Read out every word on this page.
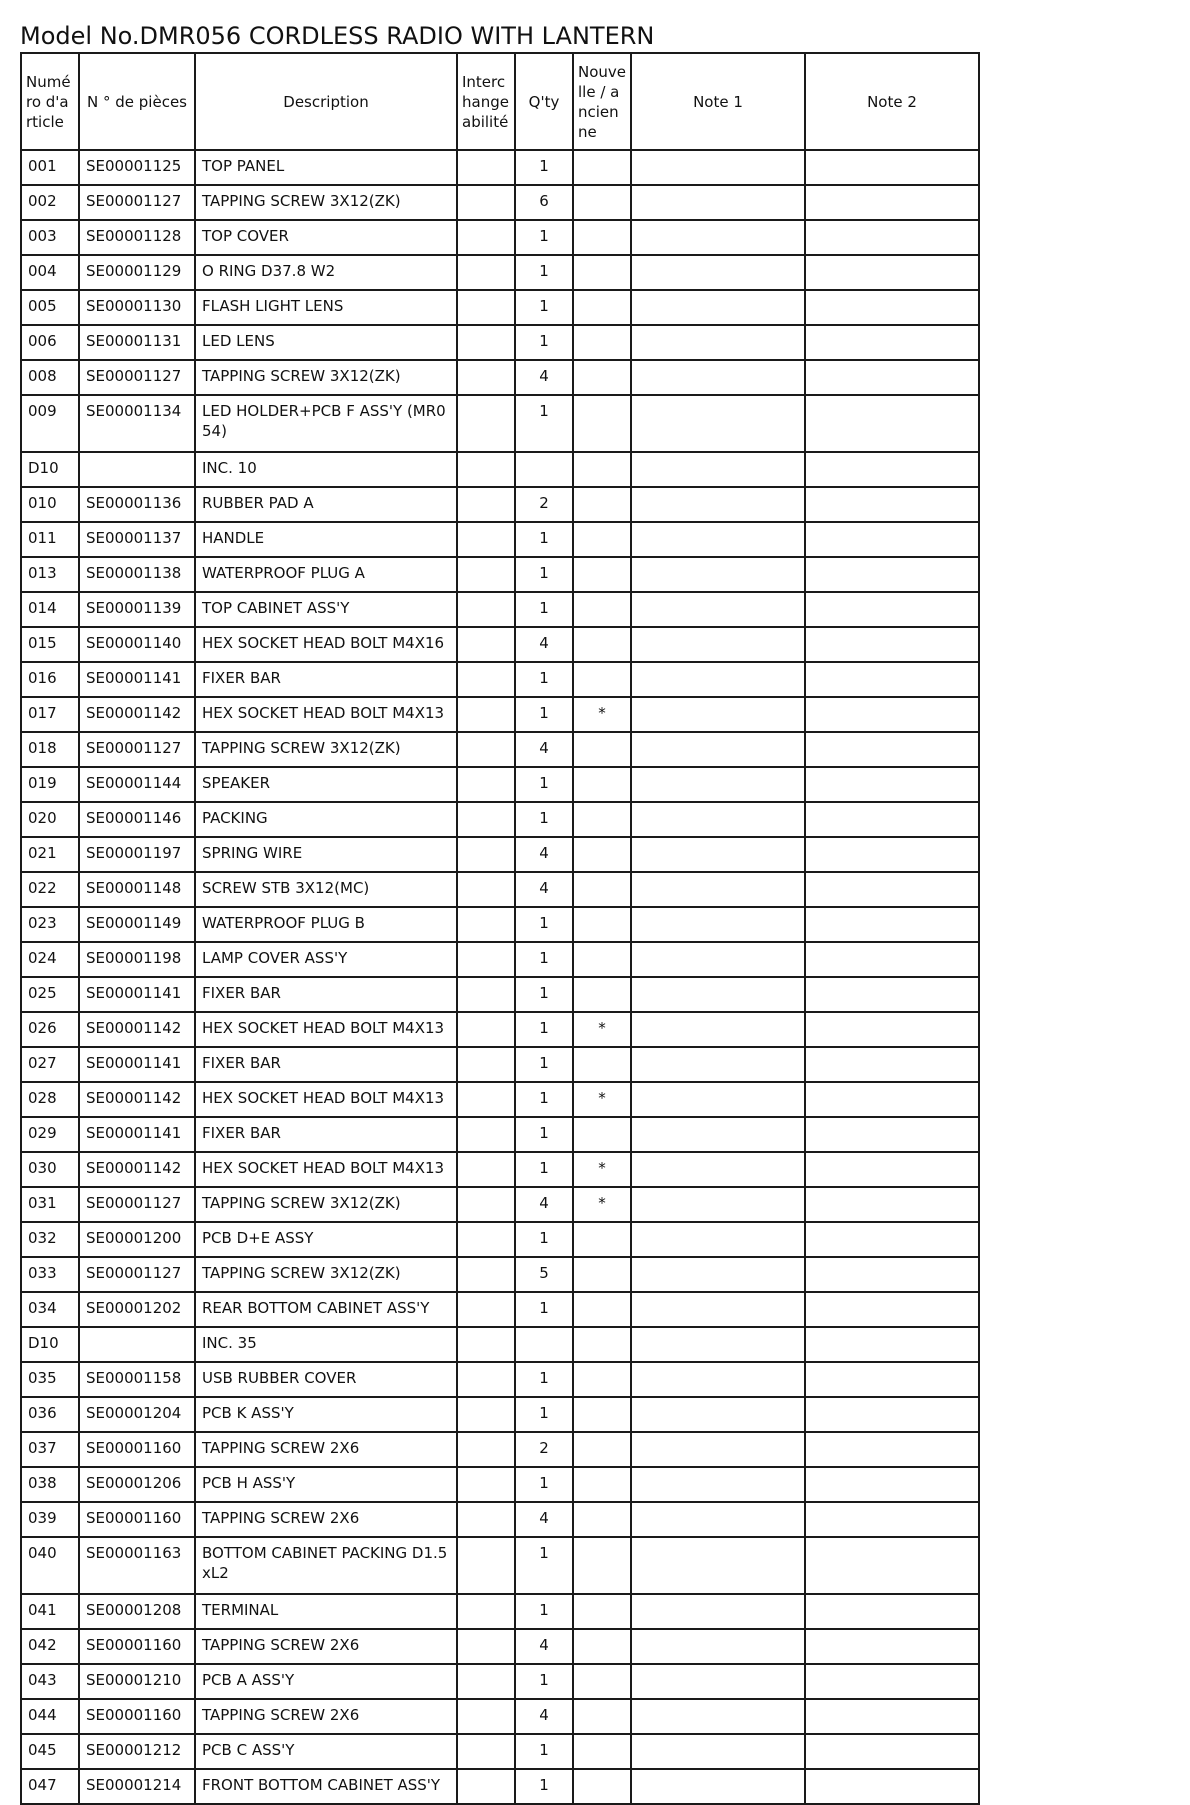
Model No.DMR056 CORDLESS RADIO WITH LANTERN
Numéro d'article	N ° de pièces	Description	Interchangeabilité	Q'ty	Nouvelle / ancienne	Note 1	Note 2
001	SE00001125	TOP PANEL		1			
002	SE00001127	TAPPING SCREW 3X12(ZK)		6			
003	SE00001128	TOP COVER		1			
004	SE00001129	O RING D37.8 W2		1			
005	SE00001130	FLASH LIGHT LENS		1			
006	SE00001131	LED LENS		1			
008	SE00001127	TAPPING SCREW 3X12(ZK)		4			
009	SE00001134	LED HOLDER+PCB F ASS'Y (MR054)		1			
D10		INC. 10					
010	SE00001136	RUBBER PAD A		2			
011	SE00001137	HANDLE		1			
013	SE00001138	WATERPROOF PLUG A		1			
014	SE00001139	TOP CABINET ASS'Y		1			
015	SE00001140	HEX SOCKET HEAD BOLT M4X16		4			
016	SE00001141	FIXER BAR		1			
017	SE00001142	HEX SOCKET HEAD BOLT M4X13		1	*		
018	SE00001127	TAPPING SCREW 3X12(ZK)		4			
019	SE00001144	SPEAKER		1			
020	SE00001146	PACKING		1			
021	SE00001197	SPRING WIRE		4			
022	SE00001148	SCREW STB 3X12(MC)		4			
023	SE00001149	WATERPROOF PLUG B		1			
024	SE00001198	LAMP COVER ASS'Y		1			
025	SE00001141	FIXER BAR		1			
026	SE00001142	HEX SOCKET HEAD BOLT M4X13		1	*		
027	SE00001141	FIXER BAR		1			
028	SE00001142	HEX SOCKET HEAD BOLT M4X13		1	*		
029	SE00001141	FIXER BAR		1			
030	SE00001142	HEX SOCKET HEAD BOLT M4X13		1	*		
031	SE00001127	TAPPING SCREW 3X12(ZK)		4	*		
032	SE00001200	PCB D+E ASSY		1			
033	SE00001127	TAPPING SCREW 3X12(ZK)		5			
034	SE00001202	REAR BOTTOM CABINET ASS'Y		1			
D10		INC. 35					
035	SE00001158	USB RUBBER COVER		1			
036	SE00001204	PCB K ASS'Y		1			
037	SE00001160	TAPPING SCREW 2X6		2			
038	SE00001206	PCB H ASS'Y		1			
039	SE00001160	TAPPING SCREW 2X6		4			
040	SE00001163	BOTTOM CABINET PACKING D1.5xL2		1			
041	SE00001208	TERMINAL		1			
042	SE00001160	TAPPING SCREW 2X6		4			
043	SE00001210	PCB A ASS'Y		1			
044	SE00001160	TAPPING SCREW 2X6		4			
045	SE00001212	PCB C ASS'Y		1			
047	SE00001214	FRONT BOTTOM CABINET ASS'Y		1			
